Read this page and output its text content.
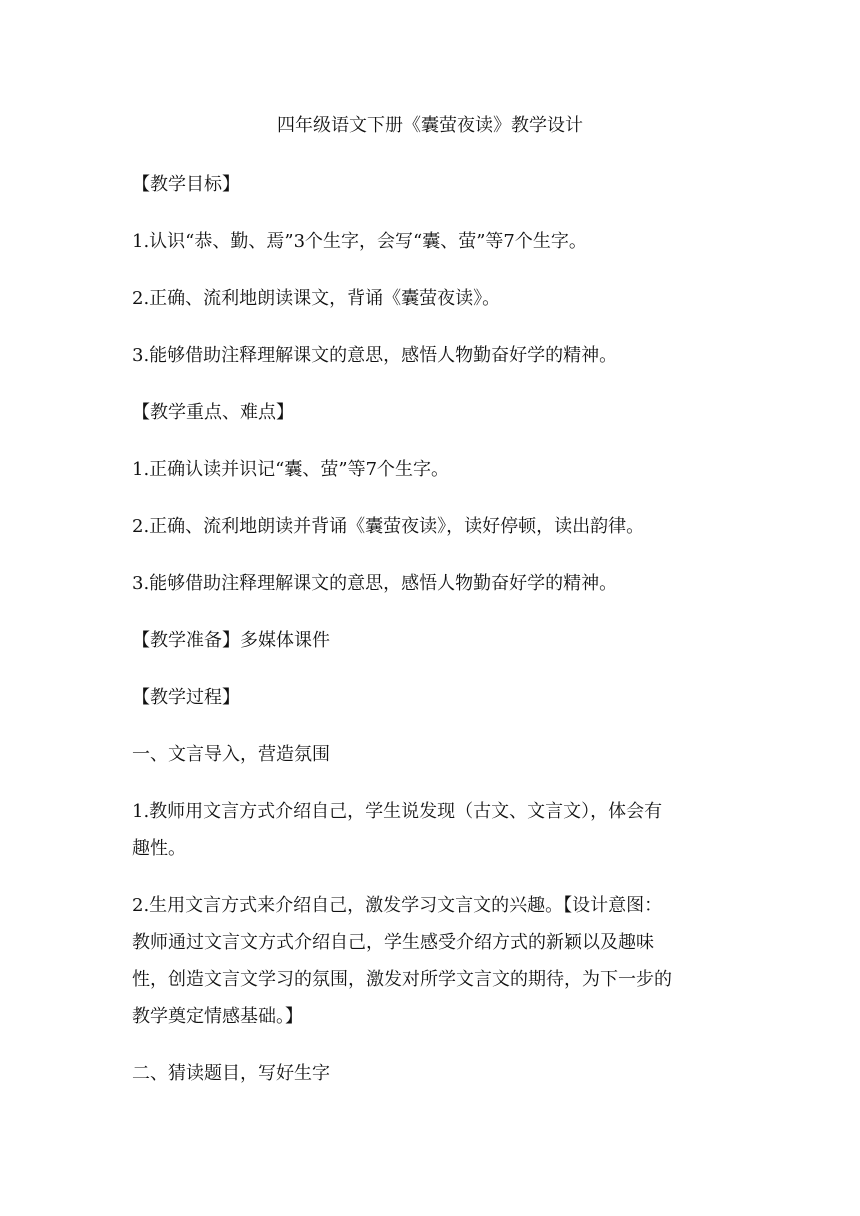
四年级语文下册《囊萤夜读》教学设计
【教学目标】
1.认识“恭、勤、焉”3个生字，会写“囊、萤”等7个生字。
2.正确、流利地朗读课文，背诵《囊萤夜读》。
3.能够借助注释理解课文的意思，感悟人物勤奋好学的精神。
【教学重点、难点】
1.正确认读并识记“囊、萤”等7个生字。
2.正确、流利地朗读并背诵《囊萤夜读》，读好停顿，读出韵律。
3.能够借助注释理解课文的意思，感悟人物勤奋好学的精神。
【教学准备】多媒体课件
【教学过程】
一、文言导入，营造氛围
1.教师用文言方式介绍自己，学生说发现（古文、文言文），体会有
趣性。
2.生用文言方式来介绍自己，激发学习文言文的兴趣。【设计意图：
教师通过文言文方式介绍自己，学生感受介绍方式的新颖以及趣味
性，创造文言文学习的氛围，激发对所学文言文的期待，为下一步的
教学奠定情感基础。】
二、猜读题目，写好生字
